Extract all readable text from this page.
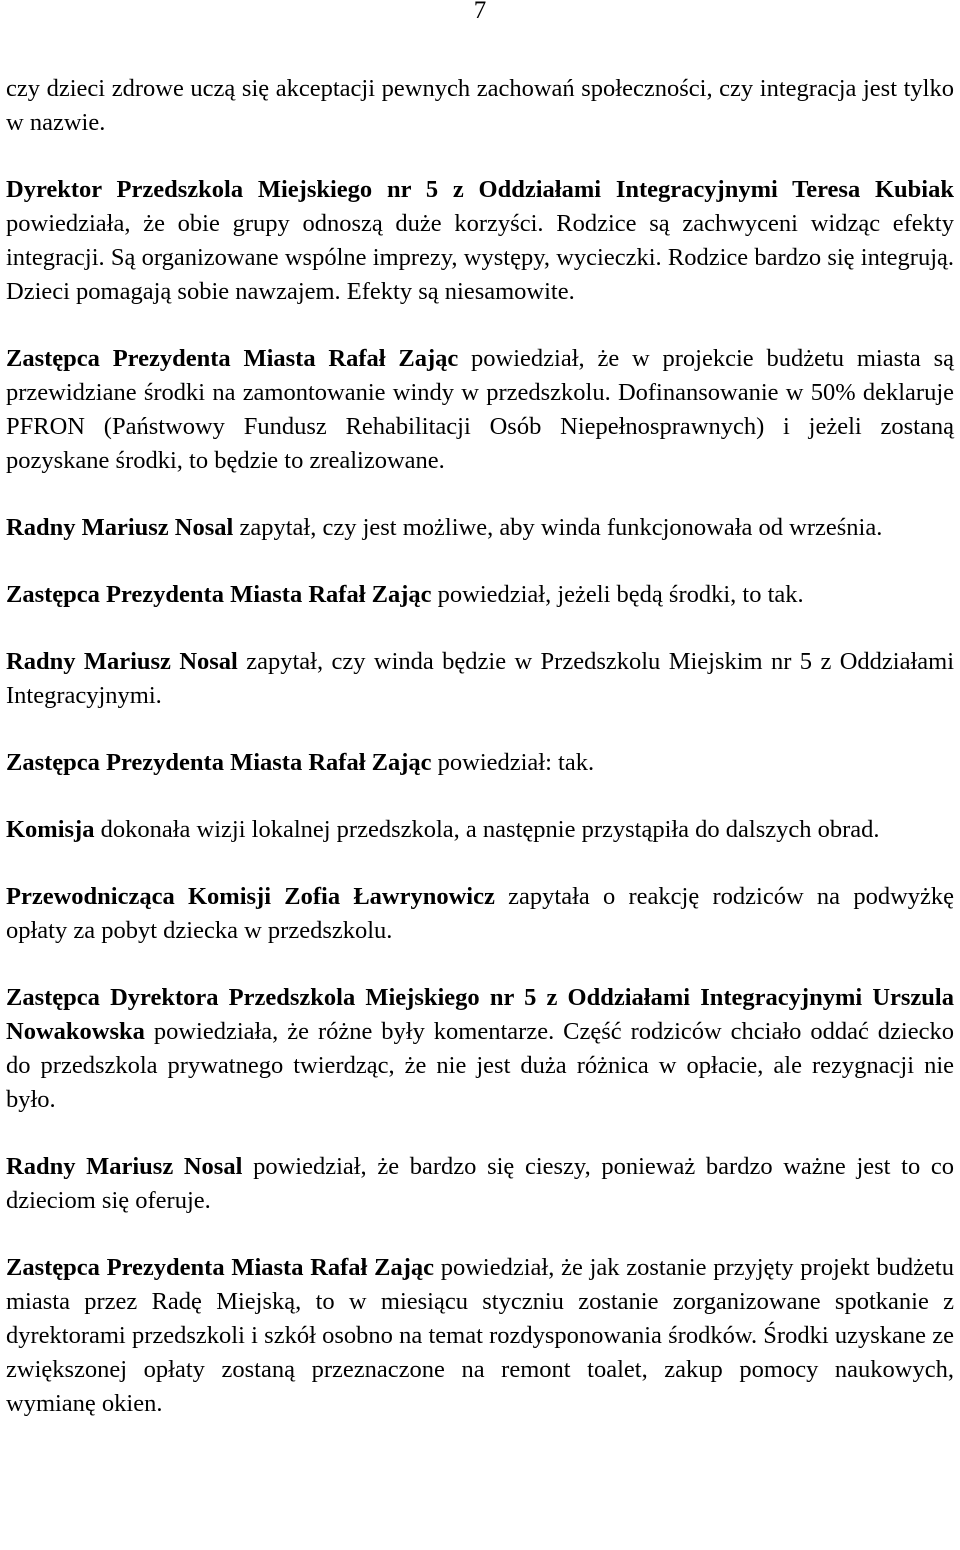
7

czy dzieci zdrowe uczą się akceptacji pewnych zachowań społeczności, czy integracja jest tylko w nazwie.

Dyrektor Przedszkola Miejskiego nr 5 z Oddziałami Integracyjnymi Teresa Kubiak powiedziała, że obie grupy odnoszą duże korzyści. Rodzice są zachwyceni widząc efekty integracji. Są organizowane wspólne imprezy, występy, wycieczki. Rodzice bardzo się integrują. Dzieci pomagają sobie nawzajem. Efekty są niesamowite.

Zastępca Prezydenta Miasta Rafał Zając powiedział, że w projekcie budżetu miasta są przewidziane środki na zamontowanie windy w przedszkolu. Dofinansowanie w 50% deklaruje PFRON (Państwowy Fundusz Rehabilitacji Osób Niepełnosprawnych) i jeżeli zostaną pozyskane środki, to będzie to zrealizowane.

Radny Mariusz Nosal zapytał, czy jest możliwe, aby winda funkcjonowała od września.

Zastępca Prezydenta Miasta Rafał Zając powiedział, jeżeli będą środki, to tak.

Radny Mariusz Nosal zapytał, czy winda będzie w Przedszkolu Miejskim nr 5 z Oddziałami Integracyjnymi.

Zastępca Prezydenta Miasta Rafał Zając powiedział: tak.

Komisja dokonała wizji lokalnej przedszkola, a następnie przystąpiła do dalszych obrad.

Przewodnicząca Komisji Zofia Ławrynowicz zapytała o reakcję rodziców na podwyżkę opłaty za pobyt dziecka w przedszkolu.

Zastępca Dyrektora Przedszkola Miejskiego nr 5 z Oddziałami Integracyjnymi Urszula Nowakowska powiedziała, że różne były komentarze. Część rodziców chciało oddać dziecko do przedszkola prywatnego twierdząc, że nie jest duża różnica w opłacie, ale rezygnacji nie było.

Radny Mariusz Nosal powiedział, że bardzo się cieszy, ponieważ bardzo ważne jest to co dzieciom się oferuje.

Zastępca Prezydenta Miasta Rafał Zając powiedział, że jak zostanie przyjęty projekt budżetu miasta przez Radę Miejską, to w miesiącu styczniu zostanie zorganizowane spotkanie z dyrektorami przedszkoli i szkół osobno na temat rozdysponowania środków. Środki uzyskane ze zwiększonej opłaty zostaną przeznaczone na remont toalet, zakup pomocy naukowych, wymianę okien.
